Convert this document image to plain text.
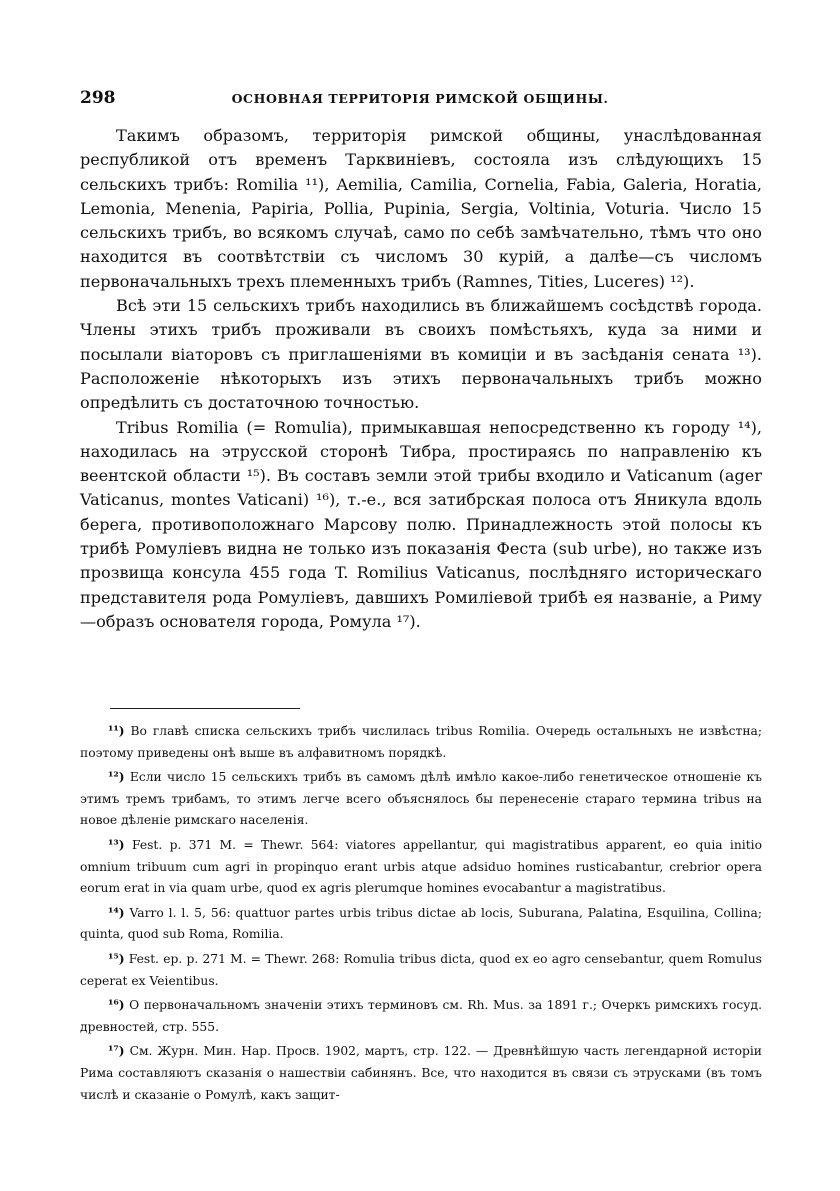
298	ОСНОВНАЯ ТЕРРИТОРІЯ РИМСКОЙ ОБЩИНЫ.

Такимъ образомъ, территорія римской общины, унаслѣдованная республикой отъ временъ Тарквиніевъ, состояла изъ слѣдующихъ 15 сельскихъ трибъ: Romilia ¹¹), Aemilia, Camilia, Cornelia, Fabia, Galeria, Horatia, Lemonia, Menenia, Papiria, Pollia, Pupinia, Sergia, Voltinia, Voturia. Число 15 сельскихъ трибъ, во всякомъ случаѣ, само по себѣ замѣчательно, тѣмъ что оно находится въ соотвѣтствіи съ числомъ 30 курій, а далѣе—съ числомъ первоначальныхъ трехъ племенныхъ трибъ (Ramnes, Tities, Luceres) ¹²).

Всѣ эти 15 сельскихъ трибъ находились въ ближайшемъ сосѣдствѣ города. Члены этихъ трибъ проживали въ своихъ помѣстьяхъ, куда за ними и посылали віаторовъ съ приглашеніями въ комиціи и въ засѣданія сената ¹³). Расположеніе нѣкоторыхъ изъ этихъ первоначальныхъ трибъ можно опредѣлить съ достаточною точностью.

Tribus Romilia (= Romulia), примыкавшая непосредственно къ городу ¹⁴), находилась на этрусской сторонѣ Тибра, простираясь по направленію къ веентской области ¹⁵). Въ составъ земли этой трибы входило и Vaticanum (ager Vaticanus, montes Vaticani) ¹⁶), т.-е., вся затибрская полоса отъ Яникула вдоль берега, противоположнаго Марсову полю. Принадлежность этой полосы къ трибѣ Ромуліевъ видна не только изъ показанія Феста (sub urbe), но также изъ прозвища консула 455 года T. Romilius Vaticanus, послѣдняго историческаго представителя рода Ромуліевъ, давшихъ Ромиліевой трибѣ ея названіе, а Риму—образъ основателя города, Ромула ¹⁷).

¹¹) Во главѣ списка сельскихъ трибъ числилась tribus Romilia. Очередь остальныхъ не извѣстна; поэтому приведены онѣ выше въ алфавитномъ порядкѣ.

¹²) Если число 15 сельскихъ трибъ въ самомъ дѣлѣ имѣло какое-либо генетическое отношеніе къ этимъ тремъ трибамъ, то этимъ легче всего объяснялось бы перенесеніе стараго термина tribus на новое дѣленіе римскаго населенія.

¹³) Fest. p. 371 M. = Thewr. 564: viatores appellantur, qui magistratibus apparent, eo quia initio omnium tribuum cum agri in propinquo erant urbis atque adsiduo homines rusticabantur, crebrior opera eorum erat in via quam urbe, quod ex agris plerumque homines evocabantur a magistratibus.

¹⁴) Varro l. l. 5, 56: quattuor partes urbis tribus dictae ab locis, Suburana, Palatina, Esquilina, Collina; quinta, quod sub Roma, Romilia.

¹⁵) Fest. ep. p. 271 M. = Thewr. 268: Romulia tribus dicta, quod ex eo agro censebantur, quem Romulus ceperat ex Veientibus.

¹⁶) О первоначальномъ значеніи этихъ терминовъ см. Rh. Mus. за 1891 г.; Очеркъ римскихъ госуд. древностей, стр. 555.

¹⁷) См. Журн. Мин. Нар. Просв. 1902, мартъ, стр. 122. — Древнѣйшую часть легендарной исторіи Рима составляютъ сказанія о нашествіи сабинянъ. Все, что находится въ связи съ этрусками (въ томъ числѣ и сказаніе о Ромулѣ, какъ защит-
